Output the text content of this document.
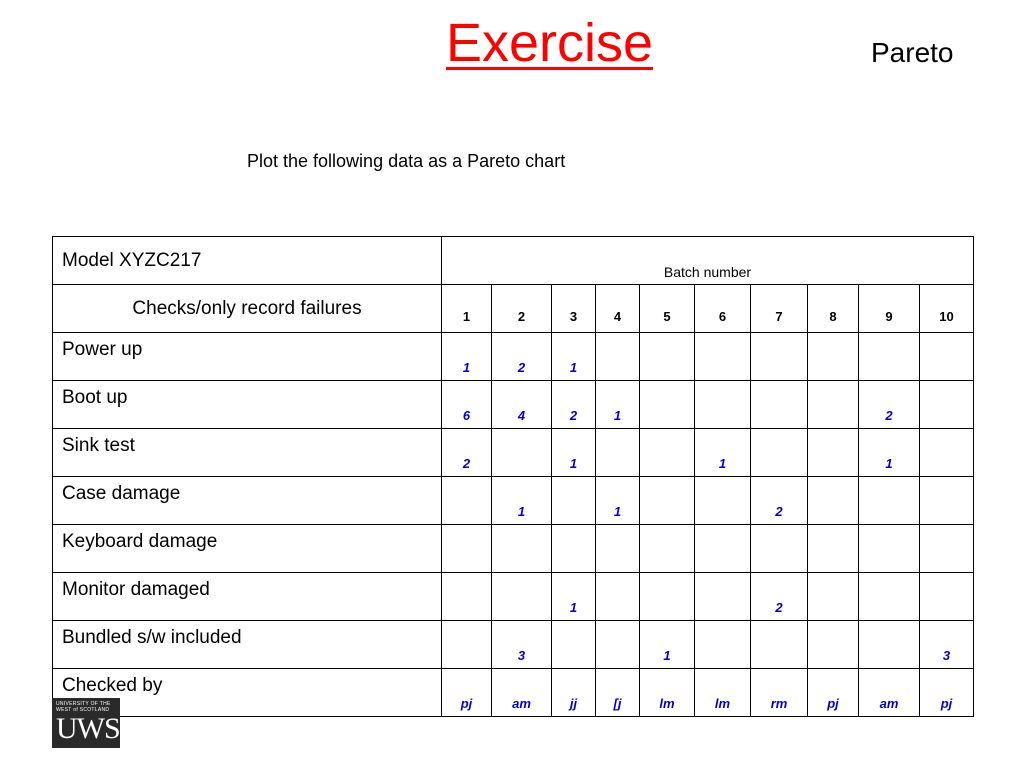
Exercise	Pareto
Plot the following data as a Pareto chart
Model XYZC217	Batch number									
Checks/only record failures	1	2	3	4	5	6	7	8	9	10
Power up	1	2	1							
Boot up	6	4	2	1					2	
Sink test	2		1			1			1	
Case damage		1		1			2			
Keyboard damage										
Monitor damaged			1				2			
Bundled s/w included		3			1					3
Checked by	pj	am	jj	[j	lm	lm	rm	pj	am	pj
UNIVERSITY OF THE WEST of SCOTLAND
UWS
